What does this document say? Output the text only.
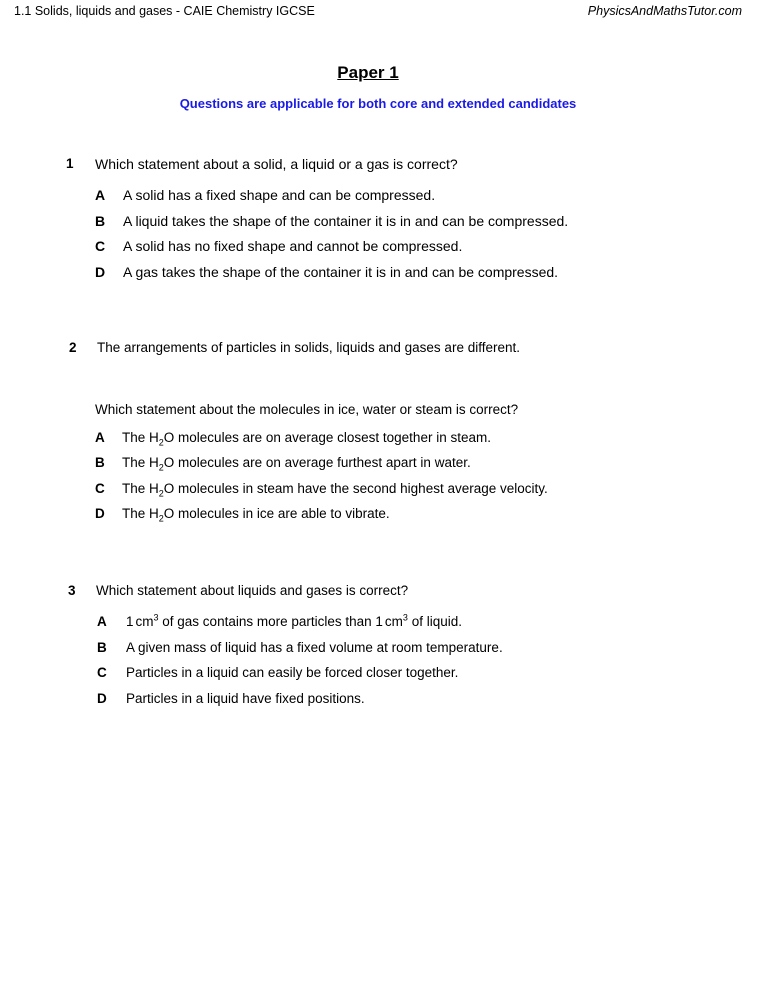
1.1 Solids, liquids and gases - CAIE Chemistry IGCSE	PhysicsAndMathsTutor.com
Paper 1
Questions are applicable for both core and extended candidates
1 Which statement about a solid, a liquid or a gas is correct?
A A solid has a fixed shape and can be compressed.
B A liquid takes the shape of the container it is in and can be compressed.
C A solid has no fixed shape and cannot be compressed.
D A gas takes the shape of the container it is in and can be compressed.
2 The arrangements of particles in solids, liquids and gases are different.
Which statement about the molecules in ice, water or steam is correct?
A The $H_2O$ molecules are on average closest together in steam.
B The $H_2O$ molecules are on average furthest apart in water.
C The $H_2O$ molecules in steam have the second highest average velocity.
D The $H_2O$ molecules in ice are able to vibrate.
3 Which statement about liquids and gases is correct?
A 1 $cm^3$ of gas contains more particles than 1 $cm^3$ of liquid.
B A given mass of liquid has a fixed volume at room temperature.
C Particles in a liquid can easily be forced closer together.
D Particles in a liquid have fixed positions.
